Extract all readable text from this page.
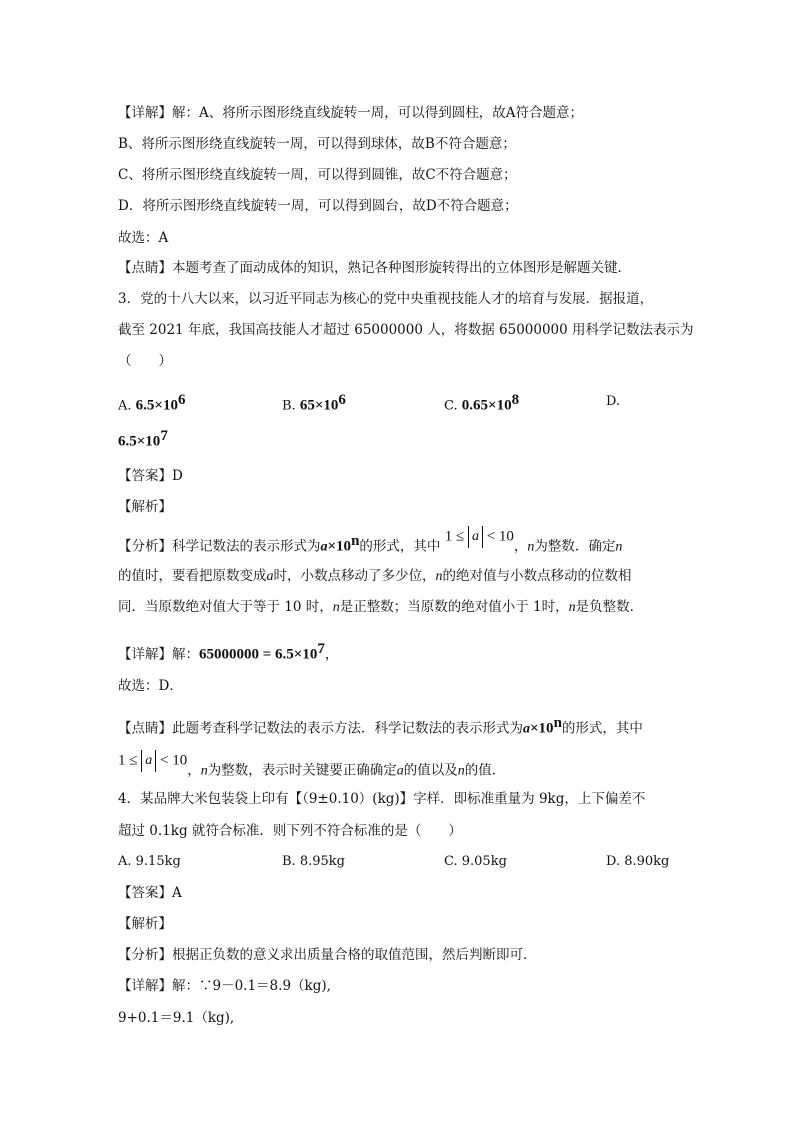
【详解】解：A、将所示图形绕直线旋转一周，可以得到圆柱，故A符合题意；
B、将所示图形绕直线旋转一周，可以得到球体，故B不符合题意；
C、将所示图形绕直线旋转一周，可以得到圆锥，故C不符合题意；
D．将所示图形绕直线旋转一周，可以得到圆台，故D不符合题意；
故选：A
【点睛】本题考查了面动成体的知识，熟记各种图形旋转得出的立体图形是解题关键．
3．党的十八大以来，以习近平同志为核心的党中央重视技能人才的培育与发展．据报道，
截至 2021 年底，我国高技能人才超过 65000000 人，将数据 65000000 用科学记数法表示为
（　　）
A. $6.5\times 10^6$	B. $65\times 10^6$	C. $0.65\times 10^8$	D.
$6.5\times 10^7$
【答案】D
【解析】
【分析】科学记数法的表示形式为$a\times 10^n$的形式，其中 1 ≤ a < 10，n为整数．确定n
的值时，要看把原数变成a时，小数点移动了多少位，n的绝对值与小数点移动的位数相
同．当原数绝对值大于等于 10 时，n是正整数；当原数的绝对值小于 1时，n是负整数．
【详解】解：$65000000 = 6.5\times 10^7$，
故选：D．
【点睛】此题考查科学记数法的表示方法．科学记数法的表示形式为$a\times 10^n$的形式，其中
1 ≤ a < 10，n为整数，表示时关键要正确确定a的值以及n的值．
4．某品牌大米包装袋上印有【（9±0.10）(kg)】字样．即标准重量为 9kg，上下偏差不
超过 0.1kg 就符合标准．则下列不符合标准的是（　　）
A. 9.15kg	B. 8.95kg	C. 9.05kg	D. 8.90kg
【答案】A
【解析】
【分析】根据正负数的意义求出质量合格的取值范围，然后判断即可．
【详解】解：∵9－0.1＝8.9（kg),
9+0.1＝9.1（kg),
